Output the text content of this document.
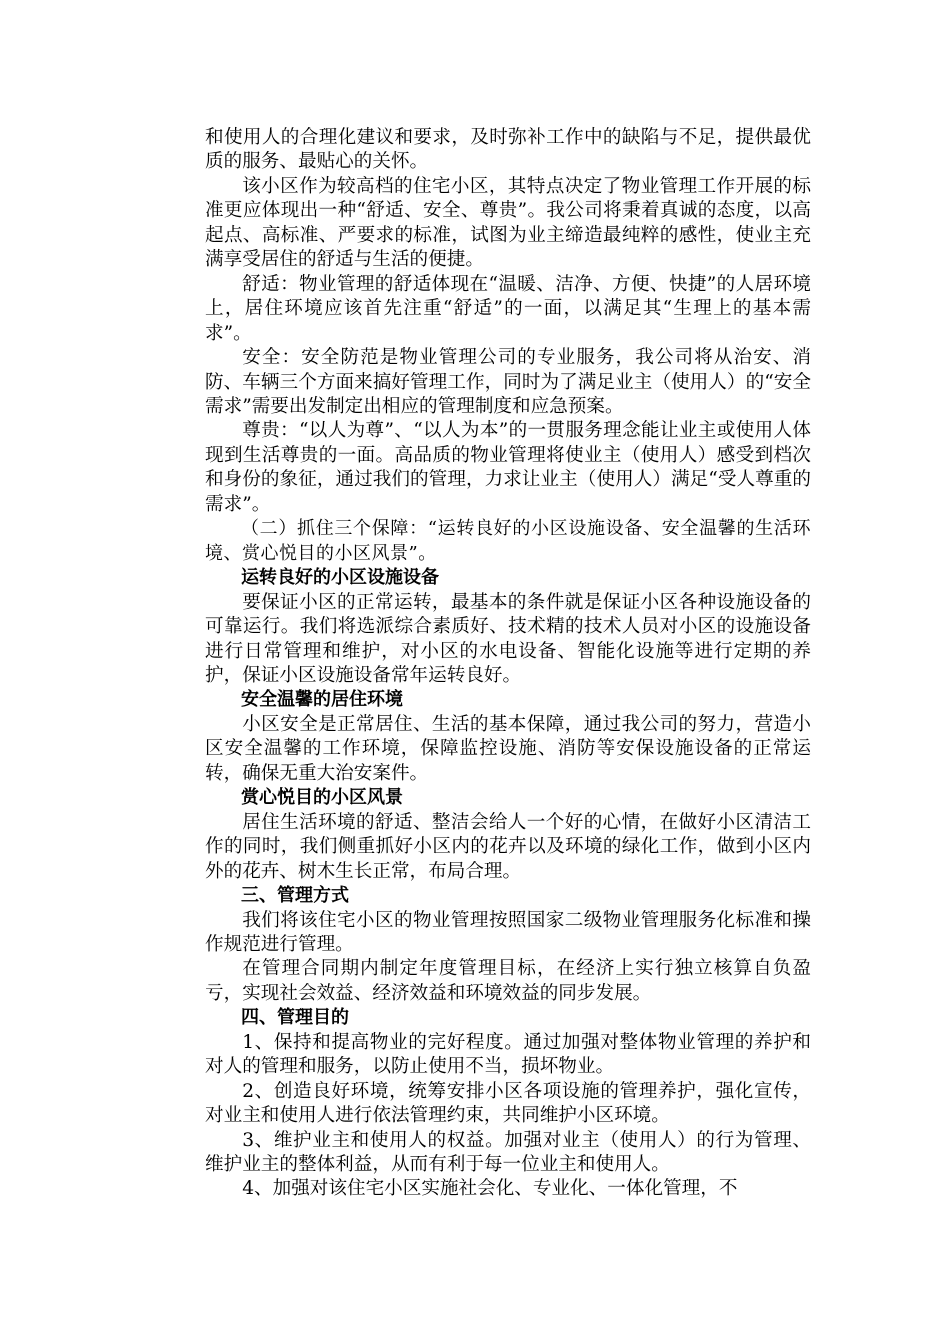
和使用人的合理化建议和要求，及时弥补工作中的缺陷与不足，提供最优质的服务、最贴心的关怀。

该小区作为较高档的住宅小区，其特点决定了物业管理工作开展的标准更应体现出一种“舒适、安全、尊贵”。我公司将秉着真诚的态度，以高起点、高标准、严要求的标准，试图为业主缔造最纯粹的感性，使业主充满享受居住的舒适与生活的便捷。

舒适：物业管理的舒适体现在“温暖、洁净、方便、快捷”的人居环境上，居住环境应该首先注重“舒适”的一面，以满足其“生理上的基本需求”。

安全：安全防范是物业管理公司的专业服务，我公司将从治安、消防、车辆三个方面来搞好管理工作，同时为了满足业主（使用人）的“安全需求”需要出发制定出相应的管理制度和应急预案。

尊贵：“以人为尊”、“以人为本”的一贯服务理念能让业主或使用人体现到生活尊贵的一面。高品质的物业管理将使业主（使用人）感受到档次和身份的象征，通过我们的管理，力求让业主（使用人）满足“受人尊重的需求”。

（二）抓住三个保障：“运转良好的小区设施设备、安全温馨的生活环境、赏心悦目的小区风景”。

运转良好的小区设施设备

要保证小区的正常运转，最基本的条件就是保证小区各种设施设备的可靠运行。我们将选派综合素质好、技术精的技术人员对小区的设施设备进行日常管理和维护，对小区的水电设备、智能化设施等进行定期的养护，保证小区设施设备常年运转良好。

安全温馨的居住环境

小区安全是正常居住、生活的基本保障，通过我公司的努力，营造小区安全温馨的工作环境，保障监控设施、消防等安保设施设备的正常运转，确保无重大治安案件。

赏心悦目的小区风景

居住生活环境的舒适、整洁会给人一个好的心情，在做好小区清洁工作的同时，我们侧重抓好小区内的花卉以及环境的绿化工作，做到小区内外的花卉、树木生长正常，布局合理。

三、管理方式

我们将该住宅小区的物业管理按照国家二级物业管理服务化标准和操作规范进行管理。

在管理合同期内制定年度管理目标，在经济上实行独立核算自负盈亏，实现社会效益、经济效益和环境效益的同步发展。

四、管理目的

1、保持和提高物业的完好程度。通过加强对整体物业管理的养护和对人的管理和服务，以防止使用不当，损坏物业。

2、创造良好环境，统筹安排小区各项设施的管理养护，强化宣传，对业主和使用人进行依法管理约束，共同维护小区环境。

3、维护业主和使用人的权益。加强对业主（使用人）的行为管理、维护业主的整体利益，从而有利于每一位业主和使用人。

4、加强对该住宅小区实施社会化、专业化、一体化管理，不
